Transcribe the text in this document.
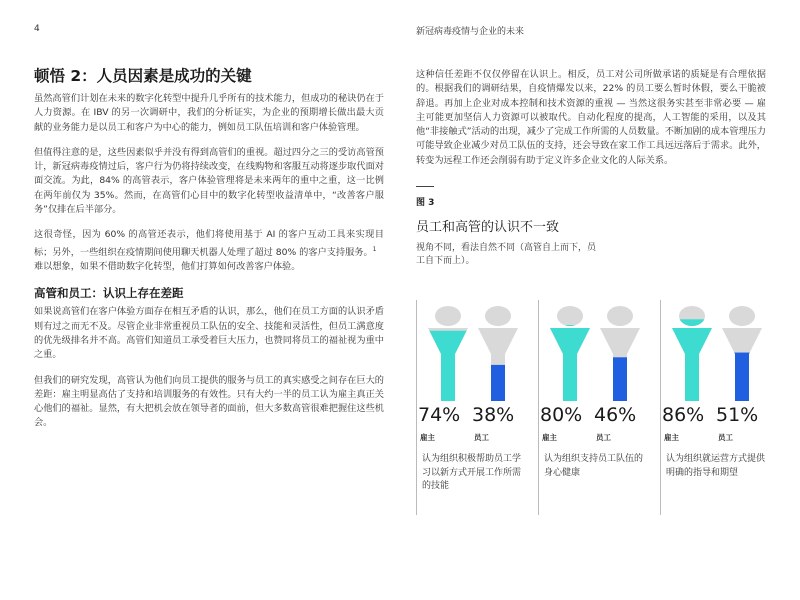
4	新冠病毒疫情与企业的未来
顿悟 2：人员因素是成功的关键

虽然高管们计划在未来的数字化转型中提升几乎所有的技术能力，但成功的秘诀仍在于人力资源。在 IBV 的另一次调研中，我们的分析证实，为企业的预期增长做出最大贡献的业务能力是以员工和客户为中心的能力，例如员工队伍培训和客户体验管理。

但值得注意的是，这些因素似乎并没有得到高管们的重视。超过四分之三的受访高管预计，新冠病毒疫情过后，客户行为仍将持续改变，在线购物和客服互动将逐步取代面对面交流。为此，84% 的高管表示，客户体验管理将是未来两年的重中之重，这一比例在两年前仅为 35%。然而，在高管们心目中的数字化转型收益清单中，“改善客户服务”仅排在后半部分。

这很奇怪，因为 60% 的高管还表示，他们将使用基于 AI 的客户互动工具来实现目标；另外，一些组织在疫情期间使用聊天机器人处理了超过 80% 的客户支持服务。$^1$
难以想象，如果不借助数字化转型，他们打算如何改善客户体验。

高管和员工：认识上存在差距

如果说高管们在客户体验方面存在相互矛盾的认识，那么，他们在员工方面的认识矛盾则有过之而无不及。尽管企业非常重视员工队伍的安全、技能和灵活性，但员工满意度的优先级排名并不高。高管们知道员工承受着巨大压力，也赞同将员工的福祉视为重中之重。

但我们的研究发现，高管认为他们向员工提供的服务与员工的真实感受之间存在巨大的差距：雇主明显高估了支持和培训服务的有效性。只有大约一半的员工认为雇主真正关心他们的福祉。显然，有大把机会放在领导者的面前，但大多数高管很难把握住这些机会。

这种信任差距不仅仅停留在认识上。相反，员工对公司所做承诺的质疑是有合理依据的。根据我们的调研结果，自疫情爆发以来，22% 的员工要么暂时休假，要么干脆被辞退。再加上企业对成本控制和技术资源的重视 — 当然这很务实甚至非常必要 — 雇主可能更加坚信人力资源可以被取代。自动化程度的提高，人工智能的采用，以及其他“非接触式”活动的出现，减少了完成工作所需的人员数量。不断加剧的成本管理压力可能导致企业减少对员工队伍的支持，还会导致在家工作工具远远落后于需求。此外，转变为远程工作还会削弱有助于定义许多企业文化的人际关系。

图 3
员工和高管的认识不一致
视角不同，看法自然不同（高管自上而下，员工自下而上）。
74% 38%
雇主	员工
认为组织积极帮助员工学习以新方式开展工作所需的技能
80% 46%
雇主	员工
认为组织支持员工队伍的身心健康
86% 51%
雇主	员工
认为组织就运营方式提供明确的指导和期望
